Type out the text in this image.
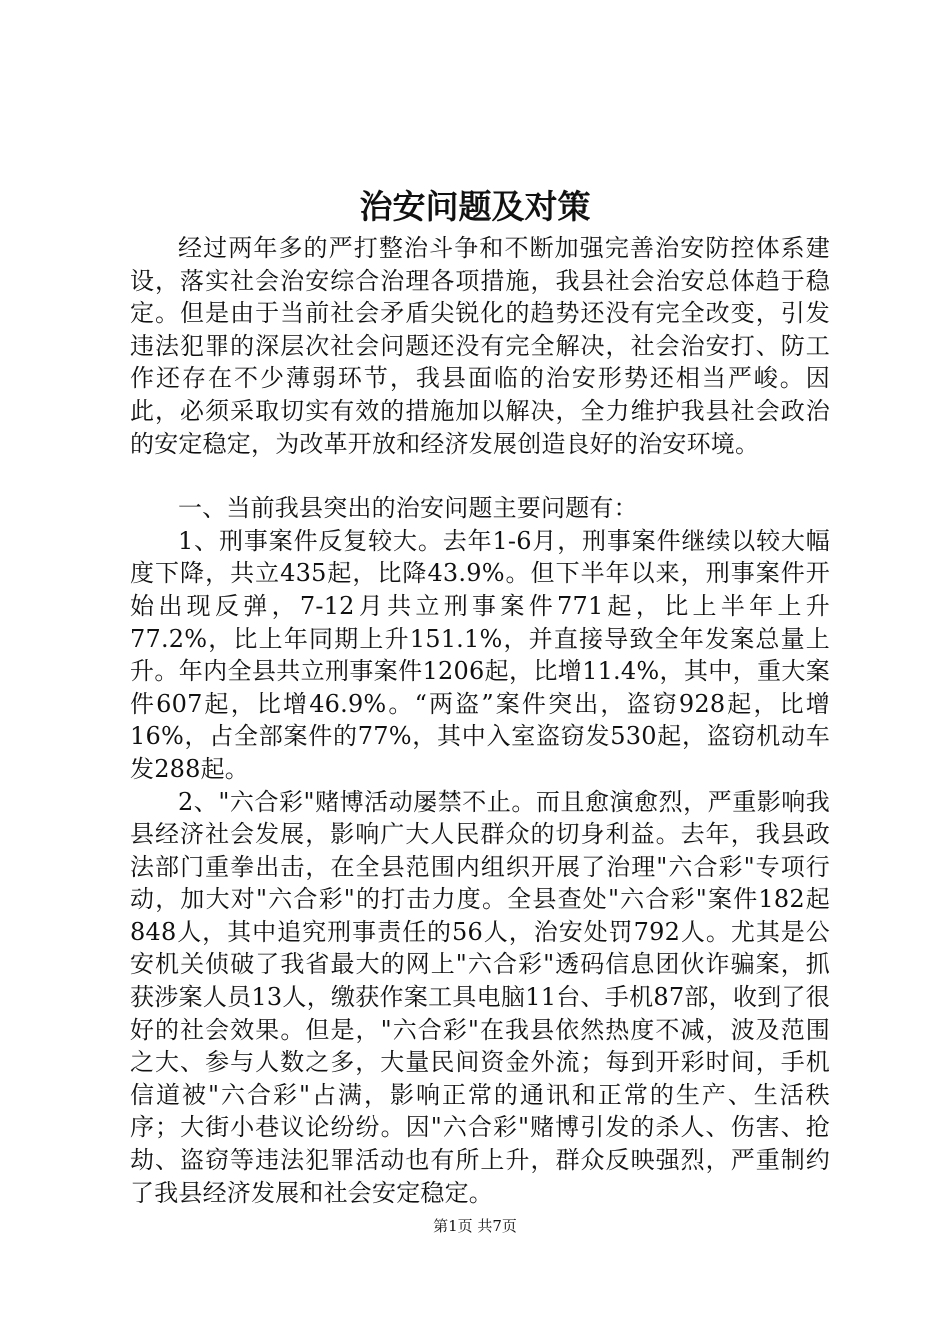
治安问题及对策

经过两年多的严打整治斗争和不断加强完善治安防控体系建设，落实社会治安综合治理各项措施，我县社会治安总体趋于稳定。但是由于当前社会矛盾尖锐化的趋势还没有完全改变，引发违法犯罪的深层次社会问题还没有完全解决，社会治安打、防工作还存在不少薄弱环节，我县面临的治安形势还相当严峻。因此，必须采取切实有效的措施加以解决，全力维护我县社会政治的安定稳定，为改革开放和经济发展创造良好的治安环境。

一、当前我县突出的治安问题主要问题有：

1、刑事案件反复较大。去年1-6月，刑事案件继续以较大幅度下降，共立435起，比降43.9%。但下半年以来，刑事案件开始出现反弹，7-12月共立刑事案件771起，比上半年上升77.2%，比上年同期上升151.1%，并直接导致全年发案总量上升。年内全县共立刑事案件1206起，比增11.4%，其中，重大案件607起，比增46.9%。“两盗”案件突出，盗窃928起，比增16%，占全部案件的77%，其中入室盗窃发530起，盗窃机动车发288起。

2、"六合彩"赌博活动屡禁不止。而且愈演愈烈，严重影响我县经济社会发展，影响广大人民群众的切身利益。去年，我县政法部门重拳出击，在全县范围内组织开展了治理"六合彩"专项行动，加大对"六合彩"的打击力度。全县查处"六合彩"案件182起848人，其中追究刑事责任的56人，治安处罚792人。尤其是公安机关侦破了我省最大的网上"六合彩"透码信息团伙诈骗案，抓获涉案人员13人，缴获作案工具电脑11台、手机87部，收到了很好的社会效果。但是，"六合彩"在我县依然热度不减，波及范围之大、参与人数之多，大量民间资金外流；每到开彩时间，手机信道被"六合彩"占满，影响正常的通讯和正常的生产、生活秩序；大街小巷议论纷纷。因"六合彩"赌博引发的杀人、伤害、抢劫、盗窃等违法犯罪活动也有所上升，群众反映强烈，严重制约了我县经济发展和社会安定稳定。

第1页 共7页
